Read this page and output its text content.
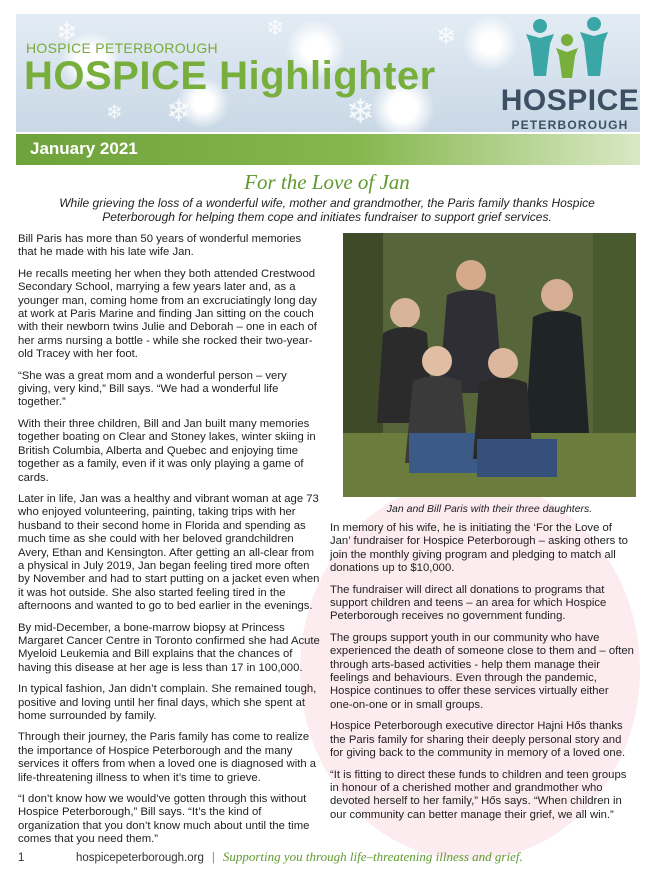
❄
❄
❄
❄
❄
❄
HOSPICE PETERBOROUGH
HOSPICE Highlighter
HOSPICE
PETERBOROUGH
January 2021
For the Love of Jan
While grieving the loss of a wonderful wife, mother and grandmother, the Paris family thanks Hospice Peterborough for helping them cope and initiates fundraiser to support grief services.

Bill Paris has more than 50 years of wonderful memories that he made with his late wife Jan.

He recalls meeting her when they both attended Crestwood Secondary School, marrying a few years later and, as a younger man, coming home from an excruciatingly long day at work at Paris Marine and finding Jan sitting on the couch with their newborn twins Julie and Deborah – one in each of her arms nursing a bottle - while she rocked their two-year-old Tracey with her foot.

“She was a great mom and a wonderful person – very giving, very kind,” Bill says. “We had a wonderful life together.”

With their three children, Bill and Jan built many memories together boating on Clear and Stoney lakes, winter skiing in British Columbia, Alberta and Quebec and enjoying time together as a family, even if it was only playing a game of cards.

Later in life, Jan was a healthy and vibrant woman at age 73 who enjoyed volunteering, painting, taking trips with her husband to their second home in Florida and spending as much time as she could with her beloved grandchildren Avery, Ethan and Kensington. After getting an all-clear from a physical in July 2019, Jan began feeling tired more often by November and had to start putting on a jacket even when it was hot outside. She also started feeling tired in the afternoons and wanted to go to bed earlier in the evenings.

By mid-December, a bone-marrow biopsy at Princess Margaret Cancer Centre in Toronto confirmed she had Acute Myeloid Leukemia and Bill explains that the chances of having this disease at her age is less than 17 in 100,000.

In typical fashion, Jan didn’t complain. She remained tough, positive and loving until her final days, which she spent at home surrounded by family.

Through their journey, the Paris family has come to realize the importance of Hospice Peterborough and the many services it offers from when a loved one is diagnosed with a life-threatening illness to when it’s time to grieve.

“I don’t know how we would’ve gotten through this without Hospice Peterborough,” Bill says. “It’s the kind of organization that you don’t know much about until the time comes that you need them.”

Jan and Bill Paris with their three daughters.

In memory of his wife, he is initiating the ‘For the Love of Jan’ fundraiser for Hospice Peterborough – asking others to join the monthly giving program and pledging to match all donations up to $10,000.

The fundraiser will direct all donations to programs that support children and teens – an area for which Hospice Peterborough receives no government funding.

The groups support youth in our community who have experienced the death of someone close to them and – often through arts-based activities - help them manage their feelings and behaviours. Even through the pandemic, Hospice continues to offer these services virtually either one-on-one or in small groups.

Hospice Peterborough executive director Hajni Hős thanks the Paris family for sharing their deeply personal story and for giving back to the community in memory of a loved one.

“It is fitting to direct these funds to children and teen groups in honour of a cherished mother and grandmother who devoted herself to her family,” Hős says. “When children in our community can better manage their grief, we all win.”

1	hospicepeterborough.org | Supporting you through life–threatening illness and grief.
